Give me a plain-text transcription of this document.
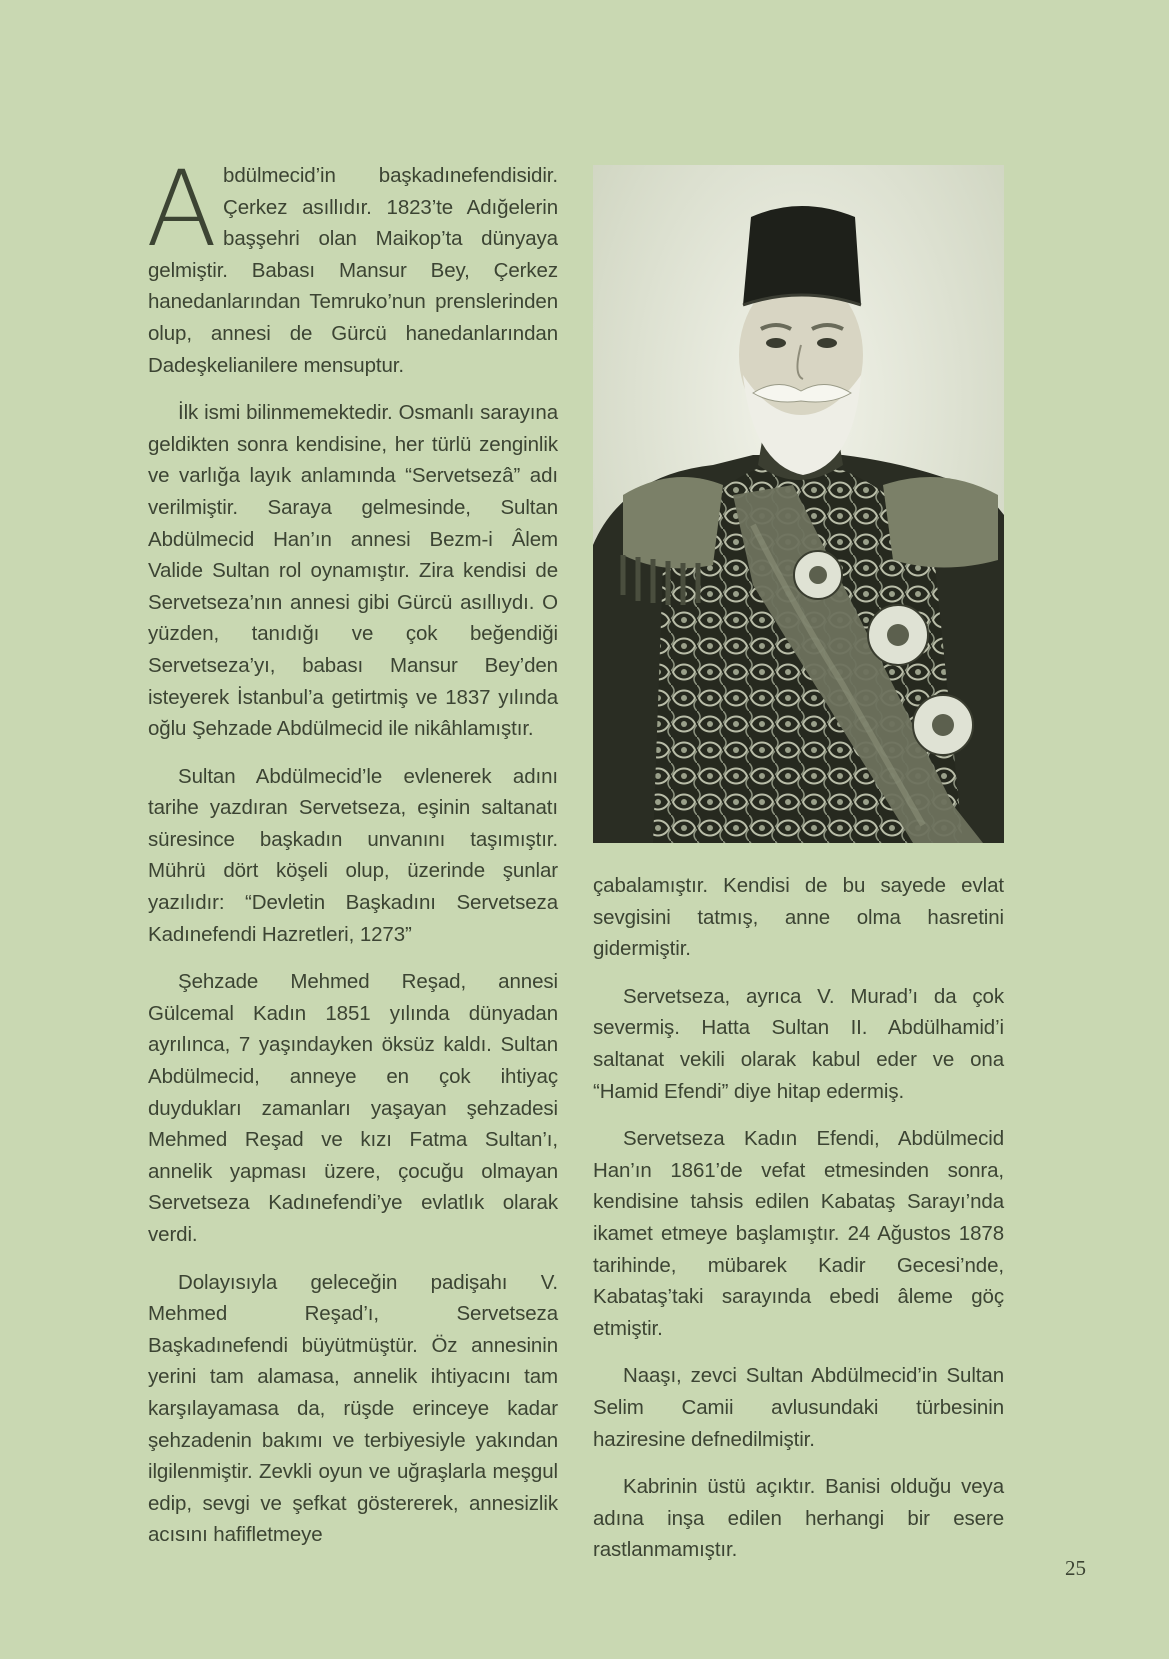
Abdülmecid’in başkadınefendisidir. Çerkez asıllıdır. 1823’te Adığelerin başşehri olan Maikop’ta dünyaya gelmiştir. Babası Mansur Bey, Çerkez hanedanlarından Temruko’nun prenslerinden olup, annesi de Gürcü hanedanlarından Dadeşkelianilere mensuptur.

İlk ismi bilinmemektedir. Osmanlı sarayına geldikten sonra kendisine, her türlü zenginlik ve varlığa layık anlamında “Servetsezâ” adı verilmiştir. Saraya gelmesinde, Sultan Abdülmecid Han’ın annesi Bezm-i Âlem Valide Sultan rol oynamıştır. Zira kendisi de Servetseza’nın annesi gibi Gürcü asıllıydı. O yüzden, tanıdığı ve çok beğendiği Servetseza’yı, babası Mansur Bey’den isteyerek İstanbul’a getirtmiş ve 1837 yılında oğlu Şehzade Abdülmecid ile nikâhlamıştır.

Sultan Abdülmecid’le evlenerek adını tarihe yazdıran Servetseza, eşinin saltanatı süresince başkadın unvanını taşımıştır. Mührü dört köşeli olup, üzerinde şunlar yazılıdır: “Devletin Başkadını Servetseza Kadınefendi Hazretleri, 1273”

Şehzade Mehmed Reşad, annesi Gülcemal Kadın 1851 yılında dünyadan ayrılınca, 7 yaşındayken öksüz kaldı. Sultan Abdülmecid, anneye en çok ihtiyaç duydukları zamanları yaşayan şehzadesi Mehmed Reşad ve kızı Fatma Sultan’ı, annelik yapması üzere, çocuğu olmayan Servetseza Kadınefendi’ye evlatlık olarak verdi.

Dolayısıyla geleceğin padişahı V. Mehmed Reşad’ı, Servetseza Başkadınefendi büyütmüştür. Öz annesinin yerini tam alamasa, annelik ihtiyacını tam karşılayamasa da, rüşde erinceye kadar şehzadenin bakımı ve terbiyesiyle yakından ilgilenmiştir. Zevkli oyun ve uğraşlarla meşgul edip, sevgi ve şefkat göstererek, annesizlik acısını hafifletmeye

çabalamıştır. Kendisi de bu sayede evlat sevgisini tatmış, anne olma hasretini gidermiştir.

Servetseza, ayrıca V. Murad’ı da çok severmiş. Hatta Sultan II. Abdülhamid’i saltanat vekili olarak kabul eder ve ona “Hamid Efendi” diye hitap edermiş.

Servetseza Kadın Efendi, Abdülmecid Han’ın 1861’de vefat etmesinden sonra, kendisine tahsis edilen Kabataş Sarayı’nda ikamet etmeye başlamıştır. 24 Ağustos 1878 tarihinde, mübarek Kadir Gecesi’nde, Kabataş’taki sarayında ebedi âleme göç etmiştir.

Naaşı, zevci Sultan Abdülmecid’in Sultan Selim Camii avlusundaki türbesinin haziresine defnedilmiştir.

Kabrinin üstü açıktır. Banisi olduğu veya adına inşa edilen herhangi bir esere rastlanmamıştır.

25
